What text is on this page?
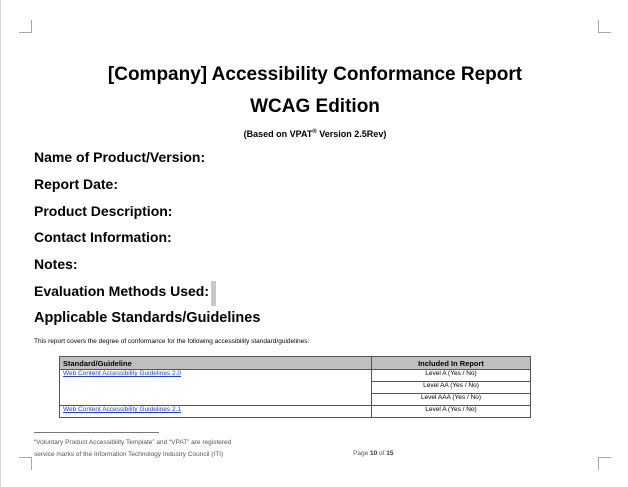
[Company] Accessibility Conformance Report
WCAG Edition
(Based on VPAT® Version 2.5Rev)
Name of Product/Version:
Report Date:
Product Description:
Contact Information:
Notes:
Evaluation Methods Used:
Applicable Standards/Guidelines
This report covers the degree of conformance for the following accessibility standard/guidelines:
Standard/Guideline	Included In Report
Web Content Accessibility Guidelines 2.0	Level A (Yes / No)
	Level AA (Yes / No)
	Level AAA (Yes / No)
Web Content Accessibility Guidelines 2.1	Level A (Yes / No)
“Voluntary Product Accessibility Template” and “VPAT” are registered
service marks of the Information Technology Industry Council (ITI)	Page 10 of 15
